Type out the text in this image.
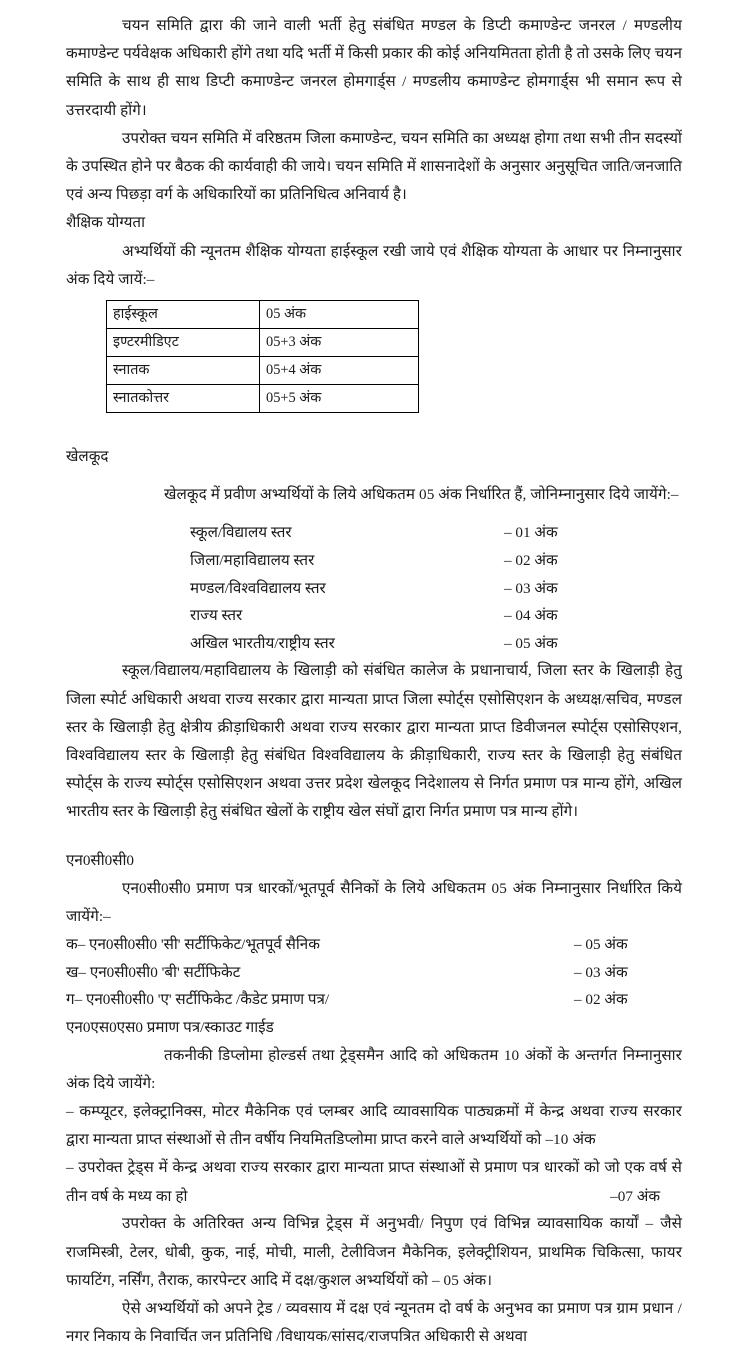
चयन समिति द्वारा की जाने वाली भर्ती हेतु संबंधित मण्डल के डिप्टी कमाण्डेन्ट जनरल / मण्डलीय कमाण्डेन्ट पर्यवेक्षक अधिकारी होंगे तथा यदि भर्ती में किसी प्रकार की कोई अनियमितता होती है तो उसके लिए चयन समिति के साथ ही साथ डिप्टी कमाण्डेन्ट जनरल होमगार्ड्स / मण्डलीय कमाण्डेन्ट होमगार्ड्स भी समान रूप से उत्तरदायी होंगे।

उपरोक्त चयन समिति में वरिष्ठतम जिला कमाण्डेन्ट, चयन समिति का अध्यक्ष होगा तथा सभी तीन सदस्यों के उपस्थित होने पर बैठक की कार्यवाही की जाये। चयन समिति में शासनादेशों के अनुसार अनुसूचित जाति/जनजाति एवं अन्य पिछड़ा वर्ग के अधिकारियों का प्रतिनिधित्व अनिवार्य है।

शैक्षिक योग्यता

अभ्यर्थियों की न्यूनतम शैक्षिक योग्यता हाईस्कूल रखी जाये एवं शैक्षिक योग्यता के आधार पर निम्नानुसार अंक दिये जायें:–

हाईस्कूल	05 अंक
इण्टरमीडिएट	05+3 अंक
स्नातक	05+4 अंक
स्नातकोत्तर	05+5 अंक
खेलकूद

खेलकूद में प्रवीण अभ्यर्थियों के लिये अधिकतम 05 अंक निर्धारित हैं, जोनिम्नानुसार दिये जायेंगे:–

स्कूल/विद्यालय स्तर	– 01 अंक
जिला/महाविद्यालय स्तर	– 02 अंक
मण्डल/विश्वविद्यालय स्तर	– 03 अंक
राज्य स्तर	– 04 अंक
अखिल भारतीय/राष्ट्रीय स्तर	– 05 अंक

स्कूल/विद्यालय/महाविद्यालय के खिलाड़ी को संबंधित कालेज के प्रधानाचार्य, जिला स्तर के खिलाड़ी हेतु जिला स्पोर्ट अधिकारी अथवा राज्य सरकार द्वारा मान्यता प्राप्त जिला स्पोर्ट्स एसोसिएशन के अध्यक्ष/सचिव, मण्डल स्तर के खिलाड़ी हेतु क्षेत्रीय क्रीड़ाधिकारी अथवा राज्य सरकार द्वारा मान्यता प्राप्त डिवीजनल स्पोर्ट्स एसोसिएशन, विश्वविद्यालय स्तर के खिलाड़ी हेतु संबंधित विश्वविद्यालय के क्रीड़ाधिकारी, राज्य स्तर के खिलाड़ी हेतु संबंधित स्पोर्ट्स के राज्य स्पोर्ट्स एसोसिएशन अथवा उत्तर प्रदेश खेलकूद निदेशालय से निर्गत प्रमाण पत्र मान्य होंगे, अखिल भारतीय स्तर के खिलाड़ी हेतु संबंधित खेलों के राष्ट्रीय खेल संघों द्वारा निर्गत प्रमाण पत्र मान्य होंगे।

एन0सी0सी0

एन0सी0सी0 प्रमाण पत्र धारकों/भूतपूर्व सैनिकों के लिये अधिकतम 05 अंक निम्नानुसार निर्धारित किये जायेंगे:–

क– एन0सी0सी0 'सी' सर्टीफिकेट/भूतपूर्व सैनिक	– 05 अंक
ख– एन0सी0सी0 'बी' सर्टीफिकेट	– 03 अंक
ग– एन0सी0सी0 'ए' सर्टीफिकेट /कैडेट प्रमाण पत्र/	– 02 अंक
एन0एस0एस0 प्रमाण पत्र/स्काउट गाईड

तकनीकी डिप्लोमा होल्डर्स तथा ट्रेड्समैन आदि को अधिकतम 10 अंकों के अन्तर्गत निम्नानुसार अंक दिये जायेंगे:

– कम्प्यूटर, इलेक्ट्रानिक्स, मोटर मैकेनिक एवं प्लम्बर आदि व्यावसायिक पाठ्यक्रमों में केन्द्र अथवा राज्य सरकार द्वारा मान्यता प्राप्त संस्थाओं से तीन वर्षीय नियमितडिप्लोमा प्राप्त करने वाले अभ्यर्थियों को –10 अंक

– उपरोक्त ट्रेड्स में केन्द्र अथवा राज्य सरकार द्वारा मान्यता प्राप्त संस्थाओं से प्रमाण पत्र धारकों को जो एक वर्ष से तीन वर्ष के मध्य का हो	–07 अंक

उपरोक्त के अतिरिक्त अन्य विभिन्न ट्रेड्स में अनुभवी/ निपुण एवं विभिन्न व्यावसायिक कार्यों – जैसे राजमिस्त्री, टेलर, धोबी, कुक, नाई, मोची, माली, टेलीविजन मैकेनिक, इलेक्ट्रीशियन, प्राथमिक चिकित्सा, फायर फायटिंग, नर्सिंग, तैराक, कारपेन्टर आदि में दक्ष/कुशल अभ्यर्थियों को – 05 अंक।

ऐसे अभ्यर्थियों को अपने ट्रेड / व्यवसाय में दक्ष एवं न्यूनतम दो वर्ष के अनुभव का प्रमाण पत्र ग्राम प्रधान /नगर निकाय के निवार्चित जन प्रतिनिधि /विधायक/सांसद/राजपत्रित अधिकारी से अथवा
